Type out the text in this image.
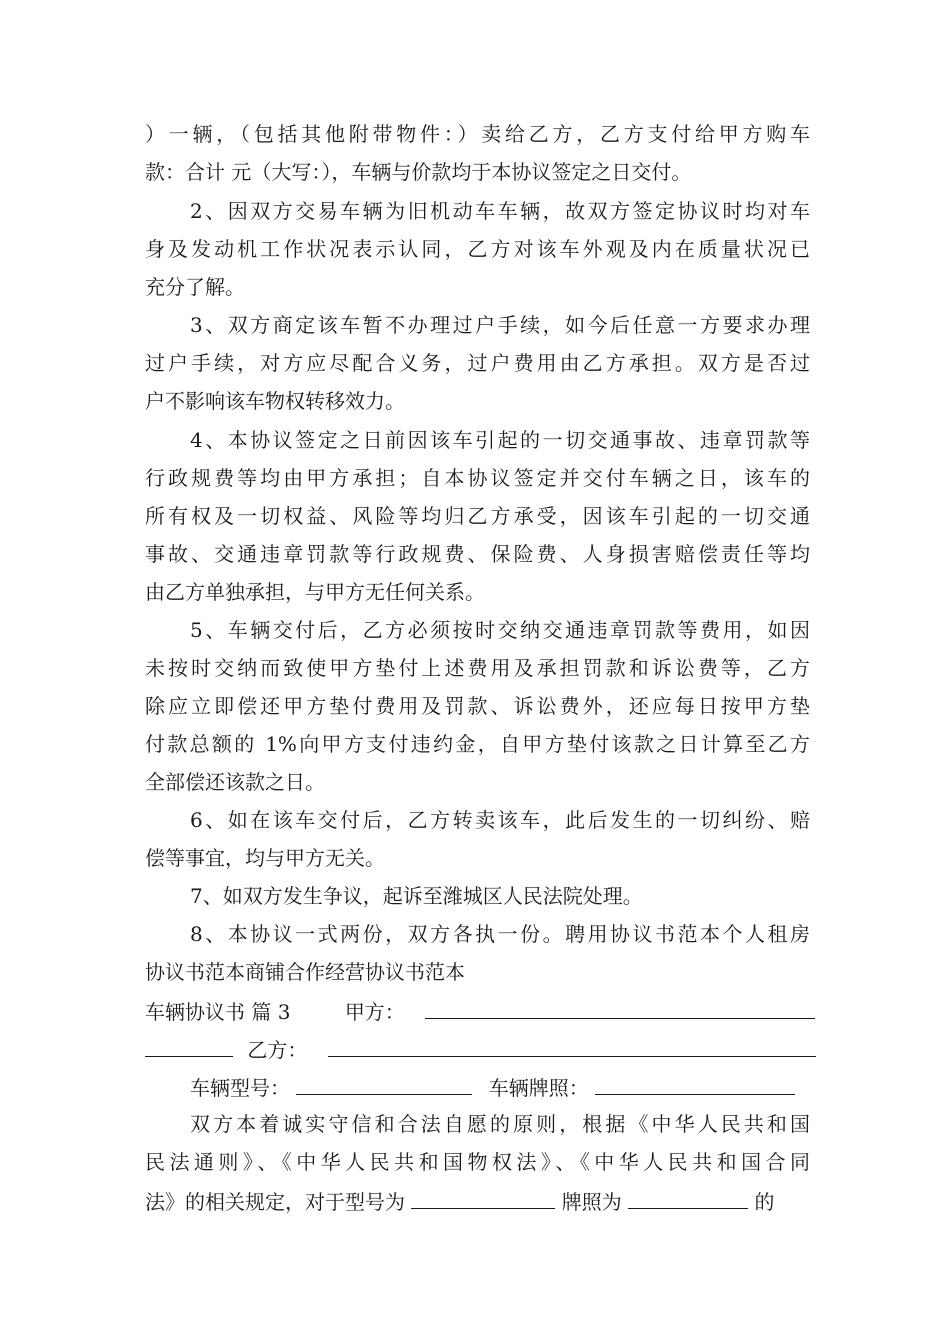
）一辆，（包括其他附带物件：）卖给乙方，乙方支付给甲方购车
款：合计 元（大写：），车辆与价款均于本协议签定之日交付。
2、因双方交易车辆为旧机动车车辆，故双方签定协议时均对车
身及发动机工作状况表示认同，乙方对该车外观及内在质量状况已
充分了解。
3、双方商定该车暂不办理过户手续，如今后任意一方要求办理
过户手续，对方应尽配合义务，过户费用由乙方承担。双方是否过
户不影响该车物权转移效力。
4、本协议签定之日前因该车引起的一切交通事故、违章罚款等
行政规费等均由甲方承担；自本协议签定并交付车辆之日，该车的
所有权及一切权益、风险等均归乙方承受，因该车引起的一切交通
事故、交通违章罚款等行政规费、保险费、人身损害赔偿责任等均
由乙方单独承担，与甲方无任何关系。
5、车辆交付后，乙方必须按时交纳交通违章罚款等费用，如因
未按时交纳而致使甲方垫付上述费用及承担罚款和诉讼费等，乙方
除应立即偿还甲方垫付费用及罚款、诉讼费外，还应每日按甲方垫
付款总额的 1%向甲方支付违约金，自甲方垫付该款之日计算至乙方
全部偿还该款之日。
6、如在该车交付后，乙方转卖该车，此后发生的一切纠纷、赔
偿等事宜，均与甲方无关。
7、如双方发生争议，起诉至潍城区人民法院处理。
8、本协议一式两份，双方各执一份。聘用协议书范本个人租房
协议书范本商铺合作经营协议书范本
车辆协议书 篇 3	甲方：
乙方：
车辆型号：	车辆牌照：
双方本着诚实守信和合法自愿的原则，根据《中华人民共和国
民法通则》、《中华人民共和国物权法》、《中华人民共和国合同
法》的相关规定，对于型号为	牌照为	的
